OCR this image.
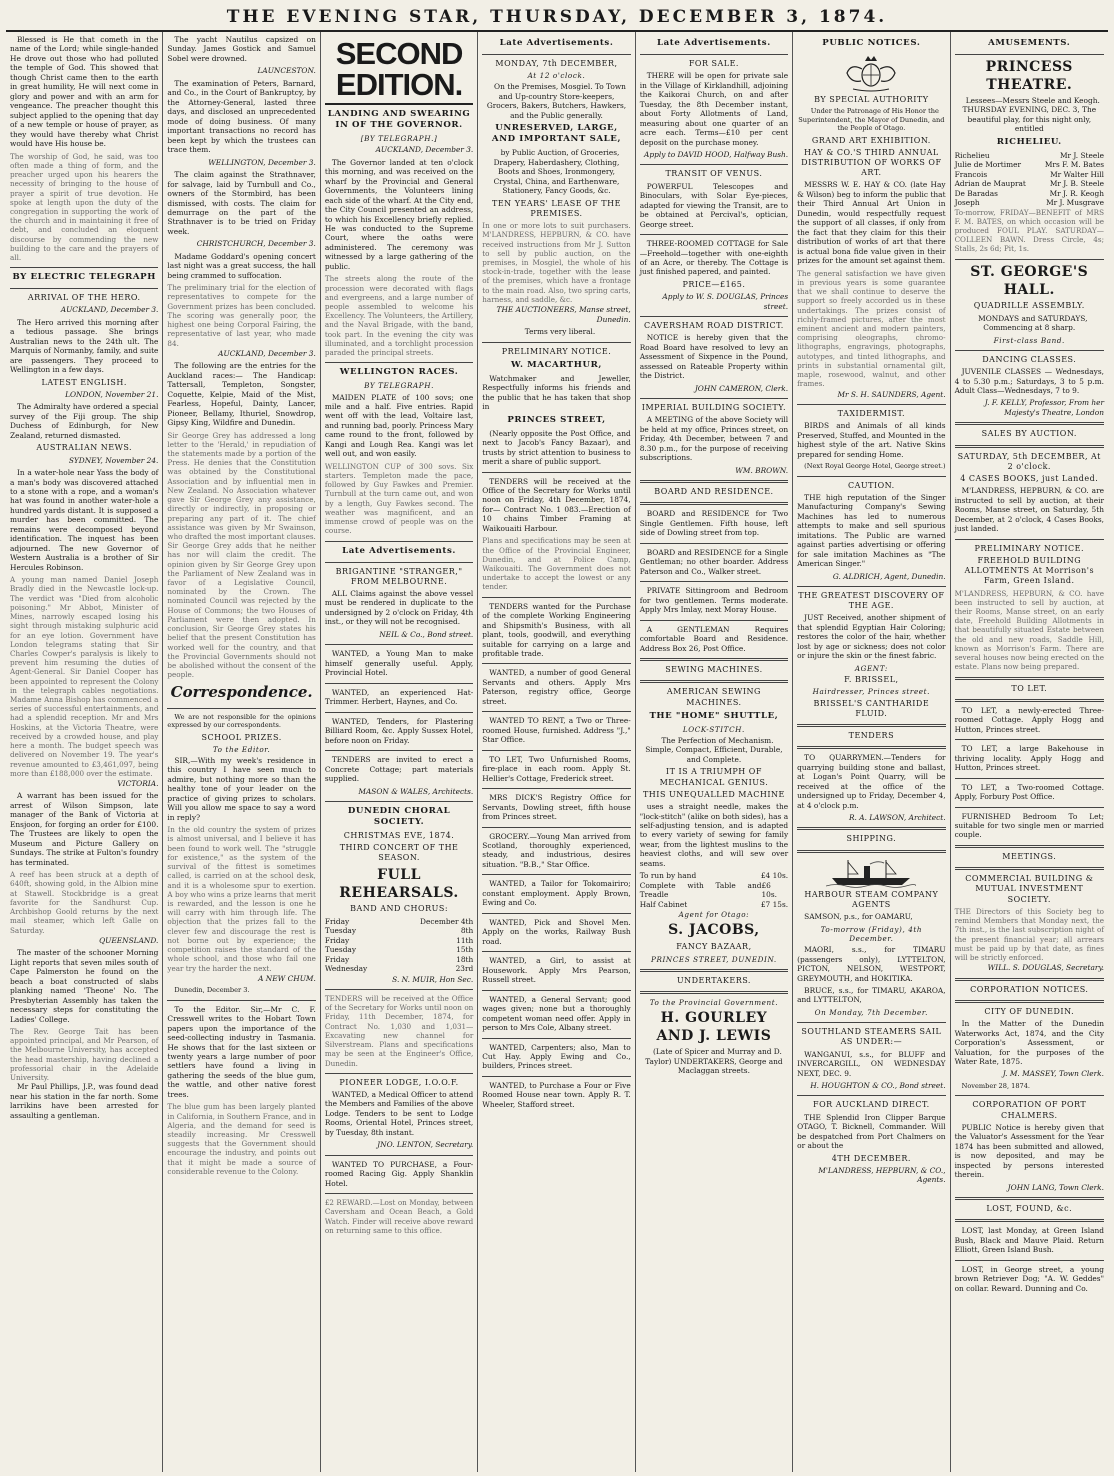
THE EVENING STAR, THURSDAY, DECEMBER 3, 1874.
Blessed is He that cometh in the name of the Lord; while single-handed He drove out those who had polluted the temple of God. This showed that though Christ came then to the earth in great humility, He will next come in glory and power and with an arm for vengeance. The preacher thought this subject applied to the opening that day of a new temple or house of prayer, as they would have thereby what Christ would have His house be.
The worship of God, he said, was too often made a thing of form, and the preacher urged upon his hearers the necessity of bringing to the house of prayer a spirit of true devotion. He spoke at length upon the duty of the congregation in supporting the work of the church and in maintaining it free of debt, and concluded an eloquent discourse by commending the new building to the care and the prayers of all.
BY ELECTRIC TELEGRAPH
ARRIVAL OF THE HERO.
AUCKLAND, December 3.
The Hero arrived this morning after a tedious passage. She brings Australian news to the 24th ult. The Marquis of Normanby, family, and suite are passengers. They proceed to Wellington in a few days.
LATEST ENGLISH.
LONDON, November 21.
The Admiralty have ordered a special survey of the Fiji group. The ship Duchess of Edinburgh, for New Zealand, returned dismasted.
AUSTRALIAN NEWS.
SYDNEY, November 24.
In a water-hole near Yass the body of a man's body was discovered attached to a stone with a rope, and a woman's hat was found in another water-hole a hundred yards distant. It is supposed a murder has been committed. The remains were decomposed beyond identification. The inquest has been adjourned. The new Governor of Western Australia is a brother of Sir Hercules Robinson.
A young man named Daniel Joseph Bradly died in the Newcastle lock-up. The verdict was "Died from alcoholic poisoning." Mr Abbot, Minister of Mines, narrowly escaped losing his sight through mistaking sulphuric acid for an eye lotion. Government have London telegrams stating that Sir Charles Cowper's paralysis is likely to prevent him resuming the duties of Agent-General. Sir Daniel Cooper has been appointed to represent the Colony in the telegraph cables negotiations. Madame Anna Bishop has commenced a series of successful entertainments, and had a splendid reception. Mr and Mrs Hoskins, at the Victoria Theatre, were received by a crowded house, and play here a month. The budget speech was delivered on November 19. The year's revenue amounted to £3,461,097, being more than £188,000 over the estimate.
VICTORIA.
A warrant has been issued for the arrest of Wilson Simpson, late manager of the Bank of Victoria at Ensjoon, for forging an order for £100. The Trustees are likely to open the Museum and Picture Gallery on Sundays. The strike at Fulton's foundry has terminated.
A reef has been struck at a depth of 640ft, showing gold, in the Albion mine at Stawell. Stockbridge is a great favorite for the Sandhurst Cup. Archbishop Goold returns by the next mail steamer, which left Galle on Saturday.
QUEENSLAND.
The master of the schooner Morning Light reports that seven miles south of Cape Palmerston he found on the beach a boat constructed of slabs planking named 'Theone' No. The Presbyterian Assembly has taken the necessary steps for constituting the Ladies' College.
The Rev. George Tait has been appointed principal, and Mr Pearson, of the Melbourne University, has accepted the head mastership, having declined a professorial chair in the Adelaide University.
Mr Paul Phillips, J.P., was found dead near his station in the far north. Some larrikins have been arrested for assaulting a gentleman.
The yacht Nautilus capsized on Sunday. James Gostick and Samuel Sobel were drowned.
LAUNCESTON.
The examination of Peters, Barnard, and Co., in the Court of Bankruptcy, by the Attorney-General, lasted three days, and disclosed an unprecedented mode of doing business. Of many important transactions no record has been kept by which the trustees can trace them.
WELLINGTON, December 3.
The claim against the Strathnaver, for salvage, laid by Turnbull and Co., owners of the Stormbird, has been dismissed, with costs. The claim for demurrage on the part of the Strathnaver is to be tried on Friday week.
CHRISTCHURCH, December 3.
Madame Goddard's opening concert last night was a great success, the hall being crammed to suffocation.
The preliminary trial for the election of representatives to compete for the Government prizes has been concluded. The scoring was generally poor, the highest one being Corporal Fairing, the representative of last year, who made 84.
AUCKLAND, December 3.
The following are the entries for the Auckland races:— The Handicap: Tattersall, Templeton, Songster, Coquette, Kelpie, Maid of the Mist, Fearless, Hopeful, Dainty, Lancer, Pioneer, Bellamy, Ithuriel, Snowdrop, Gipsy King, Wildfire and Dunedin.
Sir George Grey has addressed a long letter to the 'Herald,' in repudiation of the statements made by a portion of the Press. He denies that the Constitution was obtained by the Constitutional Association and by influential men in New Zealand. No Association whatever gave Sir George Grey any assistance, directly or indirectly, in proposing or preparing any part of it. The chief assistance was given by Mr Swainson, who drafted the most important clauses. Sir George Grey adds that he neither has nor will claim the credit. The opinion given by Sir George Grey upon the Parliament of New Zealand was in favor of a Legislative Council, nominated by the Crown. The nominated Council was rejected by the House of Commons; the two Houses of Parliament were then adopted. In conclusion, Sir George Grey states his belief that the present Constitution has worked well for the country, and that the Provincial Governments should not be abolished without the consent of the people.
Correspondence.
We are not responsible for the opinions expressed by our correspondents.
SCHOOL PRIZES.
To the Editor.
SIR,—With my week's residence in this country I have seen much to admire, but nothing more so than the healthy tone of your leader on the practice of giving prizes to scholars. Will you allow me space to say a word in reply?
In the old country the system of prizes is almost universal, and I believe it has been found to work well. The "struggle for existence," as the system of the survival of the fittest is sometimes called, is carried on at the school desk, and it is a wholesome spur to exertion. A boy who wins a prize learns that merit is rewarded, and the lesson is one he will carry with him through life. The objection that the prizes fall to the clever few and discourage the rest is not borne out by experience; the competition raises the standard of the whole school, and those who fail one year try the harder the next.
A NEW CHUM.
Dunedin, December 3.
To the Editor. Sir,—Mr C. F. Cresswell writes to the Hobart Town papers upon the importance of the seed-collecting industry in Tasmania. He shows that for the last sixteen or twenty years a large number of poor settlers have found a living in gathering the seeds of the blue gum, the wattle, and other native forest trees.
The blue gum has been largely planted in California, in Southern France, and in Algeria, and the demand for seed is steadily increasing. Mr Cresswell suggests that the Government should encourage the industry, and points out that it might be made a source of considerable revenue to the Colony.
SECOND EDITION.
LANDING AND SWEARING IN OF THE GOVERNOR.
[BY TELEGRAPH.]
AUCKLAND, December 3.
The Governor landed at ten o'clock this morning, and was received on the wharf by the Provincial and General Governments, the Volunteers lining each side of the wharf. At the City end, the City Council presented an address, to which his Excellency briefly replied. He was conducted to the Supreme Court, where the oaths were administered. The ceremony was witnessed by a large gathering of the public.
The streets along the route of the procession were decorated with flags and evergreens, and a large number of people assembled to welcome his Excellency. The Volunteers, the Artillery, and the Naval Brigade, with the band, took part. In the evening the city was illuminated, and a torchlight procession paraded the principal streets.
WELLINGTON RACES.
BY TELEGRAPH.
MAIDEN PLATE of 100 sovs; one mile and a half. Five entries. Rapid went off with the lead, Voltaire last, and running bad, poorly. Princess Mary came round to the front, followed by Kangi and Lough Rea. Kangi was let well out, and won easily.
WELLINGTON CUP of 300 sovs. Six starters. Templeton made the pace, followed by Guy Fawkes and Premier. Turnbull at the turn came out, and won by a length, Guy Fawkes second. The weather was magnificent, and an immense crowd of people was on the course.
Late Advertisements.
BRIGANTINE "STRANGER," FROM MELBOURNE.
ALL Claims against the above vessel must be rendered in duplicate to the undersigned by 2 o'clock on Friday, 4th inst., or they will not be recognised.
NEIL & Co., Bond street.
WANTED, a Young Man to make himself generally useful. Apply, Provincial Hotel.
WANTED, an experienced Hat-Trimmer. Herbert, Haynes, and Co.
WANTED, Tenders, for Plastering Billiard Room, &c. Apply Sussex Hotel, before noon on Friday.
TENDERS are invited to erect a Concrete Cottage; part materials supplied.
MASON & WALES, Architects.
DUNEDIN CHORAL SOCIETY.
CHRISTMAS EVE, 1874.
THIRD CONCERT OF THE SEASON.
FULL REHEARSALS.
BAND AND CHORUS:
Friday	December 4th
Tuesday	8th
Friday	11th
Tuesday	15th
Friday	18th
Wednesday	23rd
S. N. MUIR, Hon Sec.
TENDERS will be received at the Office of the Secretary for Works until noon on Friday, 11th December, 1874, for Contract No. 1,030 and 1,031—Excavating new channel for Silverstream. Plans and specifications may be seen at the Engineer's Office, Dunedin.
PIONEER LODGE, I.O.O.F.
WANTED, a Medical Officer to attend the Members and Families of the above Lodge. Tenders to be sent to Lodge Rooms, Oriental Hotel, Princes street, by Tuesday, 8th instant.
JNO. LENTON, Secretary.
WANTED TO PURCHASE, a Four-roomed Racing Gig. Apply Shanklin Hotel.
£2 REWARD.—Lost on Monday, between Caversham and Ocean Beach, a Gold Watch. Finder will receive above reward on returning same to this office.
Late Advertisements.
MONDAY, 7th DECEMBER,
At 12 o'clock.
On the Premises, Mosgiel. To Town and Up-country Store-keepers, Grocers, Bakers, Butchers, Hawkers, and the Public generally.
UNRESERVED, LARGE, AND IMPORTANT SALE,
by Public Auction, of Groceries, Drapery, Haberdashery, Clothing, Boots and Shoes, Ironmongery, Crystal, China, and Earthenware, Stationery, Fancy Goods, &c.
TEN YEARS' LEASE OF THE PREMISES.
In one or more lots to suit purchasers. M'LANDRESS, HEPBURN, & CO. have received instructions from Mr J. Sutton to sell by public auction, on the premises, in Mosgiel, the whole of his stock-in-trade, together with the lease of the premises, which have a frontage to the main road. Also, two spring carts, harness, and saddle, &c.
THE AUCTIONEERS, Manse street, Dunedin.
Terms very liberal.
PRELIMINARY NOTICE.
W. MACARTHUR,
Watchmaker and Jeweller, Respectfully informs his friends and the public that he has taken that shop in
PRINCES STREET,
(Nearly opposite the Post Office, and next to Jacob's Fancy Bazaar), and trusts by strict attention to business to merit a share of public support.
TENDERS will be received at the Office of the Secretary for Works until noon on Friday, 4th December, 1874, for— Contract No. 1 083.—Erection of 10 chains Timber Framing at Waikouaiti Harbour.
Plans and specifications may be seen at the Office of the Provincial Engineer, Dunedin, and at Police Camp, Waikouaiti. The Government does not undertake to accept the lowest or any tender.
TENDERS wanted for the Purchase of the complete Working Engineering and Shipsmith's Business, with all plant, tools, goodwill, and everything suitable for carrying on a large and profitable trade.
WANTED, a number of good General Servants and others. Apply Mrs Paterson, registry office, George street.
WANTED TO RENT, a Two or Three-roomed House, furnished. Address "J.," Star Office.
TO LET, Two Unfurnished Rooms, fire-place in each room. Apply St. Hellier's Cottage, Frederick street.
MRS DICK'S Registry Office for Servants, Dowling street, fifth house from Princes street.
GROCERY.—Young Man arrived from Scotland, thoroughly experienced, steady, and industrious, desires situation. "B.B.," Star Office.
WANTED, a Tailor for Tokomairiro; constant employment. Apply Brown, Ewing and Co.
WANTED, Pick and Shovel Men. Apply on the works, Railway Bush road.
WANTED, a Girl, to assist at Housework. Apply Mrs Pearson, Russell street.
WANTED, a General Servant; good wages given; none but a thoroughly competent woman need offer. Apply in person to Mrs Cole, Albany street.
WANTED, Carpenters; also, Man to Cut Hay. Apply Ewing and Co., builders, Princes street.
WANTED, to Purchase a Four or Five Roomed House near town. Apply R. T. Wheeler, Stafford street.
Late Advertisements.
FOR SALE.
THERE will be open for private sale in the Village of Kirklandhill, adjoining the Kaikorai Church, on and after Tuesday, the 8th December instant, about Forty Allotments of Land, measuring about one quarter of an acre each. Terms—£10 per cent deposit on the purchase money.
Apply to DAVID HOOD, Halfway Bush.
TRANSIT OF VENUS.
POWERFUL Telescopes and Binoculars, with Solar Eye-pieces, adapted for viewing the Transit, are to be obtained at Percival's, optician, George street.
THREE-ROOMED COTTAGE for Sale —Freehold—together with one-eighth of an Acre, or thereby. The Cottage is just finished papered, and painted.
PRICE—£165.
Apply to W. S. DOUGLAS, Princes street.
CAVERSHAM ROAD DISTRICT.
NOTICE is hereby given that the Road Board have resolved to levy an Assessment of Sixpence in the Pound, assessed on Rateable Property within the District.
JOHN CAMERON, Clerk.
IMPERIAL BUILDING SOCIETY.
A MEETING of the above Society will be held at my office, Princes street, on Friday, 4th December, between 7 and 8.30 p.m., for the purpose of receiving subscriptions.
WM. BROWN.
BOARD AND RESIDENCE.
BOARD and RESIDENCE for Two Single Gentlemen. Fifth house, left side of Dowling street from top.
BOARD and RESIDENCE for a Single Gentleman; no other boarder. Address Paterson and Co., Walker street.
PRIVATE Sittingroom and Bedroom for two gentlemen. Terms moderate. Apply Mrs Imlay, next Moray House.
A GENTLEMAN Requires comfortable Board and Residence. Address Box 26, Post Office.
SEWING MACHINES.
AMERICAN SEWING MACHINES.
THE "HOME" SHUTTLE,
LOCK-STITCH.
The Perfection of Mechanism. Simple, Compact, Efficient, Durable, and Complete.
IT IS A TRIUMPH OF MECHANICAL GENIUS.
THIS UNEQUALLED MACHINE
uses a straight needle, makes the "lock-stitch" (alike on both sides), has a self-adjusting tension, and is adapted to every variety of sewing for family wear, from the lightest muslins to the heaviest cloths, and will sew over seams.
To run by hand	£4 10s.
Complete with Table and Treadle
£6 10s.
Half Cabinet	£7 15s.
Agent for Otago:
S. JACOBS,
FANCY BAZAAR,
PRINCES STREET, DUNEDIN.
UNDERTAKERS.
To the Provincial Government.
H. GOURLEY AND J. LEWIS
(Late of Spicer and Murray and D. Taylor) UNDERTAKERS, George and Maclaggan streets.
PUBLIC NOTICES.
BY SPECIAL AUTHORITY
Under the Patronage of His Honor the Superintendent, the Mayor of Dunedin, and the People of Otago.
GRAND ART EXHIBITION.
HAY & CO.'S THIRD ANNUAL DISTRIBUTION OF WORKS OF ART.
MESSRS W. E. HAY & CO. (late Hay & Wilson) beg to inform the public that their Third Annual Art Union in Dunedin, would respectfully request the support of all classes, if only from the fact that they claim for this their distribution of works of art that there is actual bona fide value given in their prizes for the amount set against them.
The general satisfaction we have given in previous years is some guarantee that we shall continue to deserve the support so freely accorded us in these undertakings. The prizes consist of richly-framed pictures, after the most eminent ancient and modern painters, comprising oleographs, chromo-lithographs, engravings, photographs, autotypes, and tinted lithographs, and prints in substantial ornamental gilt, maple, rosewood, walnut, and other frames.
Mr S. H. SAUNDERS, Agent.
TAXIDERMIST.
BIRDS and Animals of all kinds Preserved, Stuffed, and Mounted in the highest style of the art. Native Skins prepared for sending Home.
(Next Royal George Hotel, George street.)
CAUTION.
THE high reputation of the Singer Manufacturing Company's Sewing Machines has led to numerous attempts to make and sell spurious imitations. The Public are warned against parties advertising or offering for sale imitation Machines as "The American Singer."
G. ALDRICH, Agent, Dunedin.
THE GREATEST DISCOVERY OF THE AGE.
JUST Received, another shipment of that splendid Egyptian Hair Coloring; restores the color of the hair, whether lost by age or sickness; does not color or injure the skin or the finest fabric.
AGENT:
F. BRISSEL,
Hairdresser, Princes street.
BRISSEL'S CANTHARIDE FLUID.
TENDERS
TO QUARRYMEN.—Tenders for quarrying building stone and ballast, at Logan's Point Quarry, will be received at the office of the undersigned up to Friday, December 4, at 4 o'clock p.m.
R. A. LAWSON, Architect.
SHIPPING.
HARBOUR STEAM COMPANY AGENTS
SAMSON, p.s., for OAMARU,
To-morrow (Friday), 4th December.
MAORI, s.s., for TIMARU (passengers only), LYTTELTON, PICTON, NELSON, WESTPORT, GREYMOUTH, and HOKITIKA.
BRUCE, s.s., for TIMARU, AKAROA, and LYTTELTON,
On Monday, 7th December.
SOUTHLAND STEAMERS SAIL AS UNDER:—
WANGANUI, s.s., for BLUFF and INVERCARGILL, ON WEDNESDAY NEXT, DEC. 9.
H. HOUGHTON & CO., Bond street.
FOR AUCKLAND DIRECT.
THE Splendid Iron Clipper Barque OTAGO, T. Bicknell, Commander. Will be despatched from Port Chalmers on or about the
4TH DECEMBER.
M'LANDRESS, HEPBURN, & CO., Agents.
AMUSEMENTS.
PRINCESS THEATRE.
Lessees—Messrs Steele and Keogh. THURSDAY EVENING, DEC. 3, The beautiful play, for this night only, entitled
RICHELIEU.
Richelieu	Mr J. Steele
Julie de Mortimer	Mrs F. M. Bates
Francois	Mr Walter Hill
Adrian de Mauprat	Mr J. B. Steele
De Baradas	Mr J. R. Keogh
Joseph	Mr J. Musgrave
To-morrow, FRIDAY—BENEFIT of MRS F. M. BATES, on which occasion will be produced FOUL PLAY. SATURDAY—COLLEEN BAWN. Dress Circle, 4s; Stalls, 2s 6d; Pit, 1s.
ST. GEORGE'S HALL.
QUADRILLE ASSEMBLY.
MONDAYS and SATURDAYS, Commencing at 8 sharp.
First-class Band.
DANCING CLASSES.
JUVENILE CLASSES — Wednesdays, 4 to 5.30 p.m.; Saturdays, 3 to 5 p.m. Adult Class—Wednesdays, 7 to 9.
J. F. KELLY, Professor, From her Majesty's Theatre, London
SALES BY AUCTION.
SATURDAY, 5th DECEMBER, At 2 o'clock.
4 CASES BOOKS, just Landed.
M'LANDRESS, HEPBURN, & CO. are instructed to sell by auction, at their Rooms, Manse street, on Saturday, 5th December, at 2 o'clock, 4 Cases Books, just landed.
PRELIMINARY NOTICE.
FREEHOLD BUILDING ALLOTMENTS At Morrison's Farm, Green Island.
M'LANDRESS, HEPBURN, & CO. have been instructed to sell by auction, at their Rooms, Manse street, on an early date, Freehold Building Allotments in that beautifully situated Estate between the old and new roads, Saddle Hill, known as Morrison's Farm. There are several houses now being erected on the estate. Plans now being prepared.
TO LET.
TO LET, a newly-erected Three-roomed Cottage. Apply Hogg and Hutton, Princes street.
TO LET, a large Bakehouse in thriving locality. Apply Hogg and Hutton, Princes street.
TO LET, a Two-roomed Cottage. Apply, Forbury Post Office.
FURNISHED Bedroom To Let; suitable for two single men or married couple.
MEETINGS.
COMMERCIAL BUILDING & MUTUAL INVESTMENT SOCIETY.
THE Directors of this Society beg to remind Members that Monday next, the 7th inst., is the last subscription night of the present financial year; all arrears must be paid up by that date, as fines will be strictly enforced.
WILL. S. DOUGLAS, Secretary.
CORPORATION NOTICES.
CITY OF DUNEDIN.
In the Matter of the Dunedin Waterworks Act, 1874, and the City Corporation's Assessment, or Valuation, for the purposes of the Water Rate, 1875.
J. M. MASSEY, Town Clerk.
November 28, 1874.
CORPORATION OF PORT CHALMERS.
PUBLIC Notice is hereby given that the Valuator's Assessment for the Year 1874 has been submitted and allowed, is now deposited, and may be inspected by persons interested therein.
JOHN LANG, Town Clerk.
LOST, FOUND, &c.
LOST, last Monday, at Green Island Bush, Black and Mauve Plaid. Return Elliott, Green Island Bush.
LOST, in George street, a young brown Retriever Dog; "A. W. Geddes" on collar. Reward. Dunning and Co.
